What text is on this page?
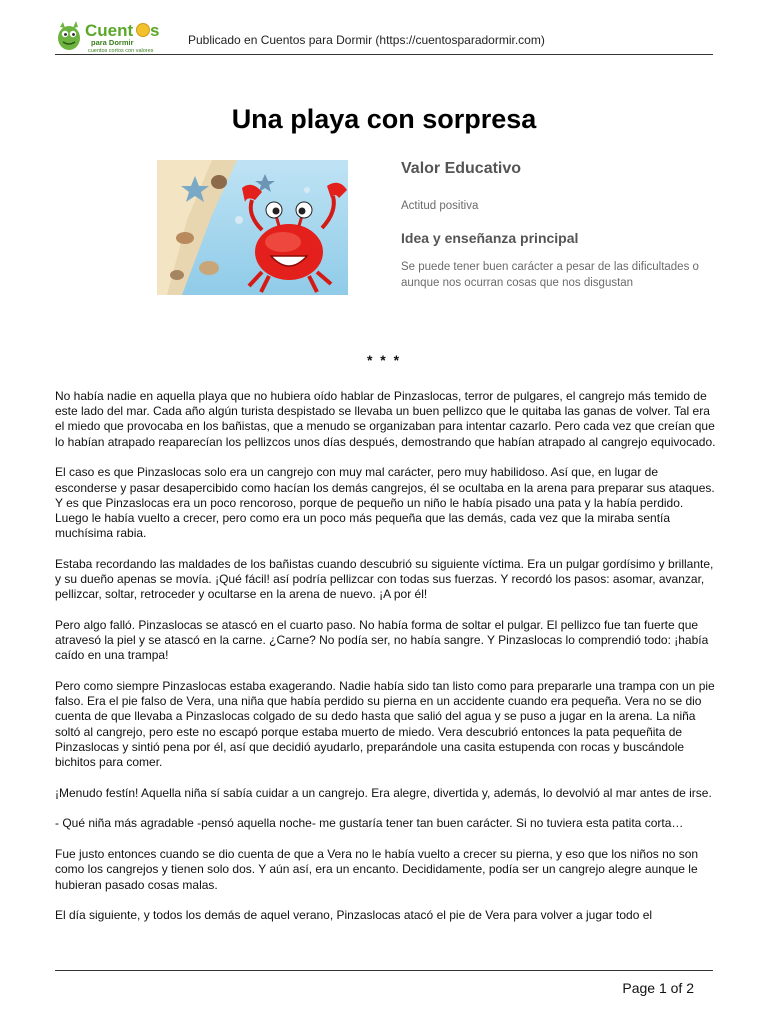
Cuent s
para Dormir
cuentos cortos con valores
Publicado en Cuentos para Dormir (https://cuentosparadormir.com)
Una playa con sorpresa
Valor Educativo
Actitud positiva
Idea y enseñanza principal
Se puede tener buen carácter a pesar de las dificultades o aunque nos ocurran cosas que nos disgustan
* * *

No había nadie en aquella playa que no hubiera oído hablar de Pinzaslocas, terror de pulgares, el cangrejo más temido de este lado del mar. Cada año algún turista despistado se llevaba un buen pellizco que le quitaba las ganas de volver. Tal era el miedo que provocaba en los bañistas, que a menudo se organizaban para intentar cazarlo. Pero cada vez que creían que lo habían atrapado reaparecían los pellizcos unos días después, demostrando que habían atrapado al cangrejo equivocado.

El caso es que Pinzaslocas solo era un cangrejo con muy mal carácter, pero muy habilidoso. Así que, en lugar de esconderse y pasar desapercibido como hacían los demás cangrejos, él se ocultaba en la arena para preparar sus ataques. Y es que Pinzaslocas era un poco rencoroso, porque de pequeño un niño le había pisado una pata y la había perdido. Luego le había vuelto a crecer, pero como era un poco más pequeña que las demás, cada vez que la miraba sentía muchísima rabia.

Estaba recordando las maldades de los bañistas cuando descubrió su siguiente víctima. Era un pulgar gordísimo y brillante, y su dueño apenas se movía. ¡Qué fácil! así podría pellizcar con todas sus fuerzas. Y recordó los pasos: asomar, avanzar, pellizcar, soltar, retroceder y ocultarse en la arena de nuevo. ¡A por él!

Pero algo falló. Pinzaslocas se atascó en el cuarto paso. No había forma de soltar el pulgar. El pellizco fue tan fuerte que atravesó la piel y se atascó en la carne. ¿Carne? No podía ser, no había sangre. Y Pinzaslocas lo comprendió todo: ¡había caído en una trampa!

Pero como siempre Pinzaslocas estaba exagerando. Nadie había sido tan listo como para prepararle una trampa con un pie falso. Era el pie falso de Vera, una niña que había perdido su pierna en un accidente cuando era pequeña. Vera no se dio cuenta de que llevaba a Pinzaslocas colgado de su dedo hasta que salió del agua y se puso a jugar en la arena. La niña soltó al cangrejo, pero este no escapó porque estaba muerto de miedo. Vera descubrió entonces la pata pequeñita de Pinzaslocas y sintió pena por él, así que decidió ayudarlo, preparándole una casita estupenda con rocas y buscándole bichitos para comer.

¡Menudo festín! Aquella niña sí sabía cuidar a un cangrejo. Era alegre, divertida y, además, lo devolvió al mar antes de irse.

- Qué niña más agradable -pensó aquella noche- me gustaría tener tan buen carácter. Si no tuviera esta patita corta…

Fue justo entonces cuando se dio cuenta de que a Vera no le había vuelto a crecer su pierna, y eso que los niños no son como los cangrejos y tienen solo dos. Y aún así, era un encanto. Decididamente, podía ser un cangrejo alegre aunque le hubieran pasado cosas malas.

El día siguiente, y todos los demás de aquel verano, Pinzaslocas atacó el pie de Vera para volver a jugar todo el

Page 1 of 2
